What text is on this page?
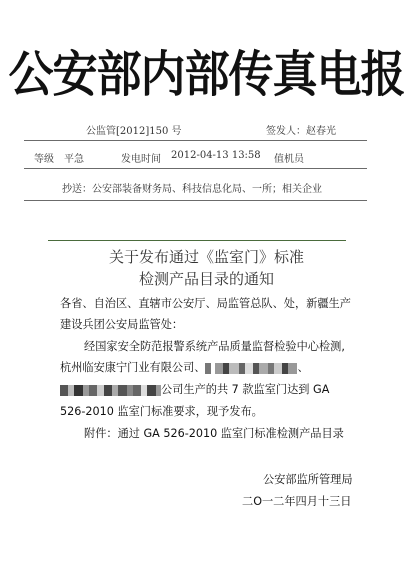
公安部内部传真电报
公监管[2012]150 号	签发人：赵春光
等级　平急	发电时间 2012-04-13 13:58 值机员
抄送：公安部装备财务局、科技信息化局、一所；相关企业
关于发布通过《监室门》标准
检测产品目录的通知
各省、自治区、直辖市公安厅、局监管总队、处，新疆生产
建设兵团公安局监管处：
经国家安全防范报警系统产品质量监督检验中心检测,
杭州临安康宁门业有限公司、	、
公司生产的共 7 款监室门达到 GA
526-2010 监室门标准要求，现予发布。
附件：通过 GA 526-2010 监室门标准检测产品目录
公安部监所管理局
二O一二年四月十三日
